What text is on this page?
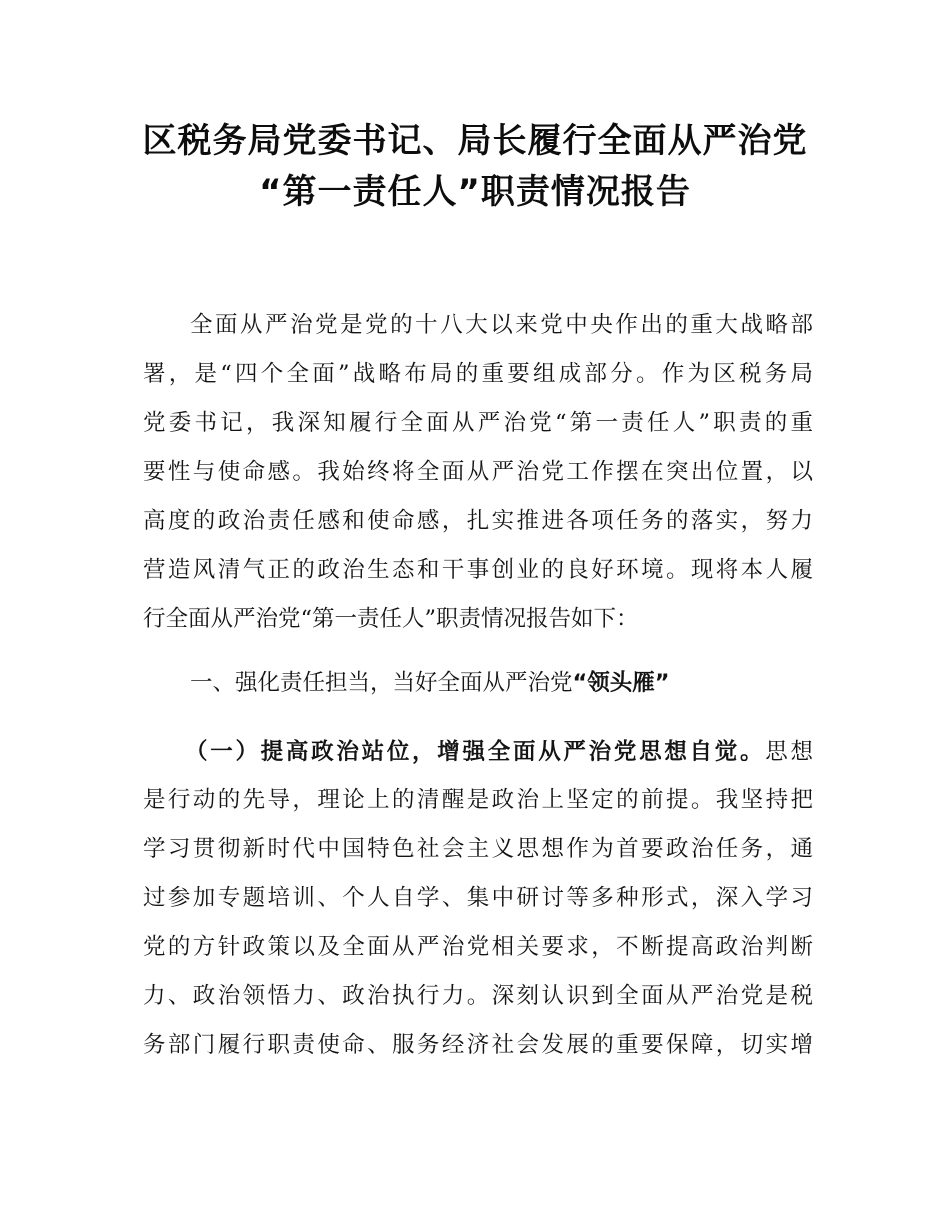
区税务局党委书记、局长履行全面从严治党
“第一责任人”职责情况报告
全面从严治党是党的十八大以来党中央作出的重大战略部
署，是“四个全面”战略布局的重要组成部分。作为区税务局
党委书记，我深知履行全面从严治党“第一责任人”职责的重
要性与使命感。我始终将全面从严治党工作摆在突出位置，以
高度的政治责任感和使命感，扎实推进各项任务的落实，努力
营造风清气正的政治生态和干事创业的良好环境。现将本人履
行全面从严治党“第一责任人”职责情况报告如下：
一、强化责任担当，当好全面从严治党“领头雁”
（一）提高政治站位，增强全面从严治党思想自觉。思想
是行动的先导，理论上的清醒是政治上坚定的前提。我坚持把
学习贯彻新时代中国特色社会主义思想作为首要政治任务，通
过参加专题培训、个人自学、集中研讨等多种形式，深入学习
党的方针政策以及全面从严治党相关要求，不断提高政治判断
力、政治领悟力、政治执行力。深刻认识到全面从严治党是税
务部门履行职责使命、服务经济社会发展的重要保障，切实增
